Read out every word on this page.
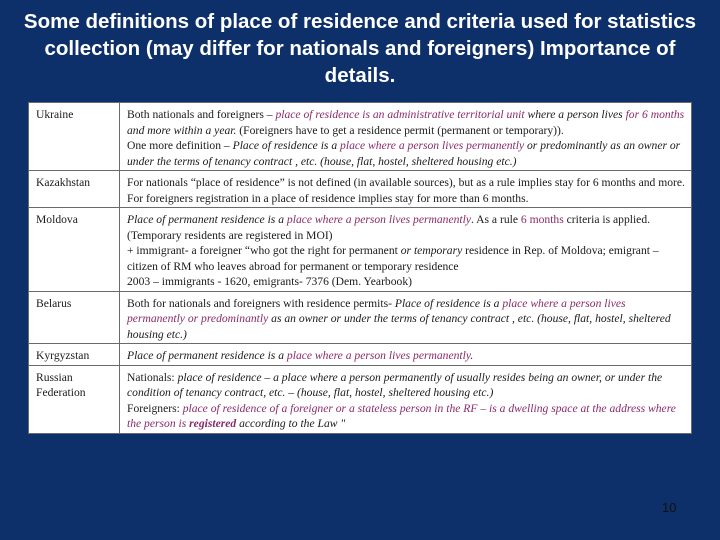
Some definitions of place of residence and criteria used for statistics collection (may differ for nationals and foreigners) Importance of details.
Ukraine	Both nationals and foreigners – place of residence is an administrative territorial unit where a person lives for 6 months and more within a year. (Foreigners have to get a residence permit (permanent or temporary)).
One more definition – Place of residence is a place where a person lives permanently or predominantly as an owner or under the terms of tenancy contract , etc. (house, flat, hostel, sheltered housing etc.)
Kazakhstan	For nationals “place of residence” is not defined (in available sources), but as a rule implies stay for 6 months and more.
For foreigners registration in a place of residence implies stay for more than 6 months.
Moldova	Place of permanent residence is a place where a person lives permanently. As a rule 6 months criteria is applied. (Temporary residents are registered in MOI)
+ immigrant- a foreigner “who got the right for permanent or temporary residence in Rep. of Moldova; emigrant – citizen of RM who leaves abroad for permanent or temporary residence
2003 – immigrants - 1620, emigrants- 7376 (Dem. Yearbook)
Belarus	Both for nationals and foreigners with residence permits- Place of residence is a place where a person lives permanently or predominantly as an owner or under the terms of tenancy contract , etc. (house, flat, hostel, sheltered housing etc.)
Kyrgyzstan	Place of permanent residence is a place where a person lives permanently.
Russian Federation	Nationals: place of residence – a place where a person permanently of usually resides being an owner, or under the condition of tenancy contract, etc. – (house, flat, hostel, sheltered housing etc.)
Foreigners: place of residence of a foreigner or a stateless person in the RF – is a dwelling space at the address where the person is registered according to the Law "
10
